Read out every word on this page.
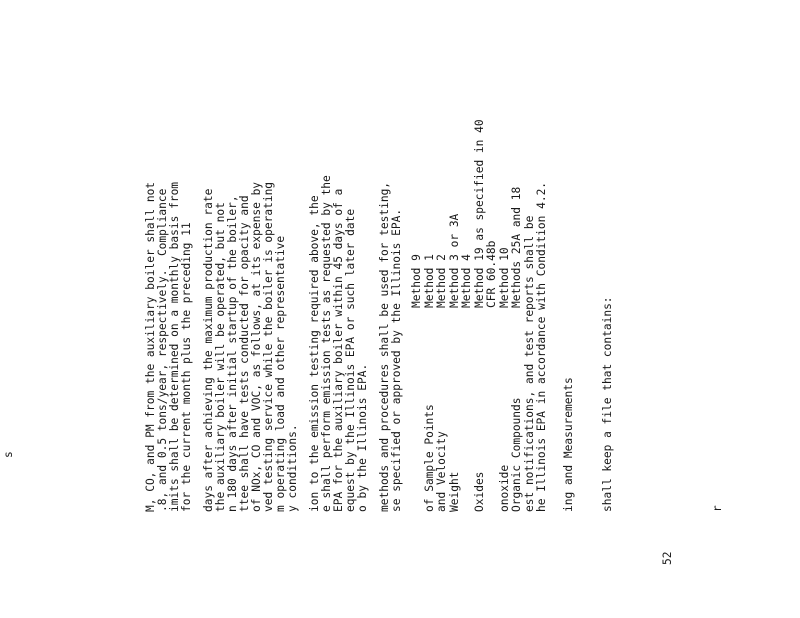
s	M, CO, and PM from the auxiliary boiler shall not .8, and 0.5 tons/year, respectively.  Compliance imits shall be determined on a monthly basis from for the current month plus the preceding 11 days after achieving the maximum production rate the auxiliary boiler will be operated, but not n 180 days after initial startup of the boiler, ttee shall have tests conducted for opacity and of NOx, CO and VOC, as follows, at its expense by ved testing service while the boiler is operating m operating load and other representative y conditions. ion to the emission testing required above, the e shall perform emission tests as requested by the EPA for the auxiliary boiler within 45 days of a equest by the Illinois EPA or such later date o by the Illinois EPA. methods and procedures shall be used for testing, se specified or approved by the Illinois EPA. Method 9
of Sample Points
Method 1
and Velocity
Method 2
Weight
Method 3 or 3A Method 4
Oxides
Method 19 as specified in 40 CFR 60.48b
onoxide
Method 10
Organic Compounds
Methods 25A and 18 est notifications, and test reports shall be he Illinois EPA in accordance with Condition 4.2. ing and Measurements shall keep a file that contains:	r
52
